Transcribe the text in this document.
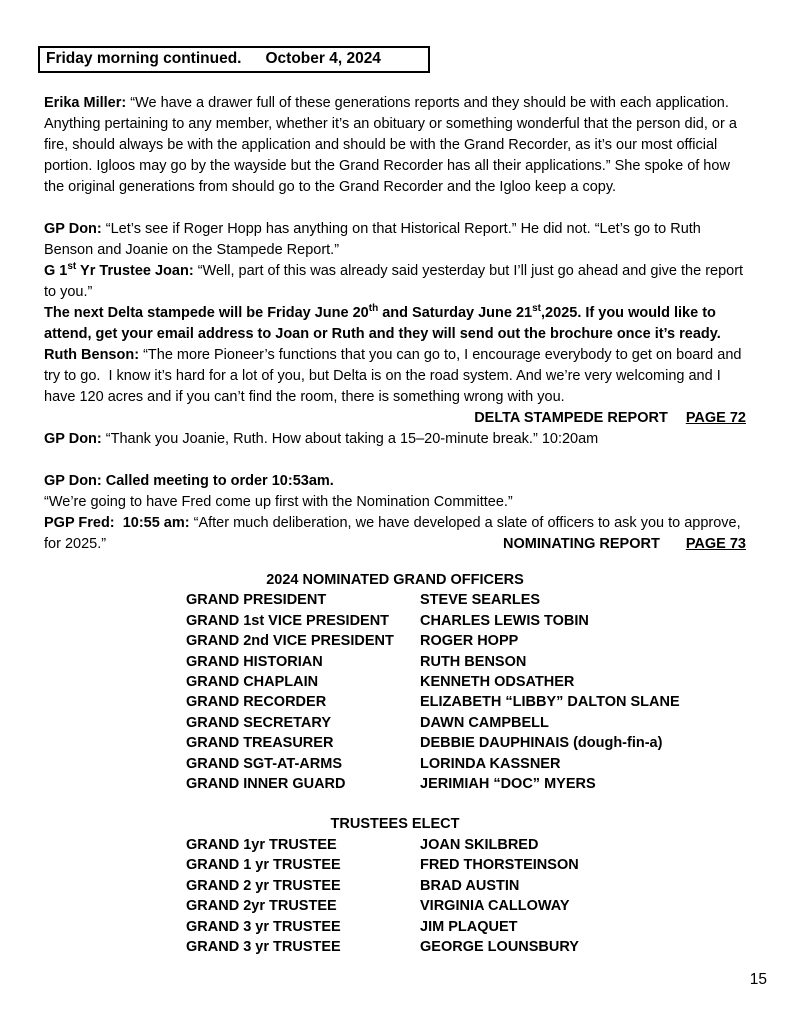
Friday morning continued. October 4, 2024
Erika Miller: “We have a drawer full of these generations reports and they should be with each application. Anything pertaining to any member, whether it’s an obituary or something wonderful that the person did, or a fire, should always be with the application and should be with the Grand Recorder, as it’s our most official portion. Igloos may go by the wayside but the Grand Recorder has all their applications.” She spoke of how the original generations from should go to the Grand Recorder and the Igloo keep a copy.
GP Don: “Let’s see if Roger Hopp has anything on that Historical Report.” He did not. “Let’s go to Ruth Benson and Joanie on the Stampede Report.”
G 1st Yr Trustee Joan: “Well, part of this was already said yesterday but I’ll just go ahead and give the report to you.”
The next Delta stampede will be Friday June 20th and Saturday June 21st,2025. If you would like to attend, get your email address to Joan or Ruth and they will send out the brochure once it’s ready.
Ruth Benson: “The more Pioneer’s functions that you can go to, I encourage everybody to get on board and try to go.  I know it’s hard for a lot of you, but Delta is on the road system. And we’re very welcoming and I have 120 acres and if you can’t find the room, there is something wrong with you.
DELTA STAMPEDE REPORT PAGE 72
GP Don: “Thank you Joanie, Ruth. How about taking a 15–20-minute break.” 10:20am
GP Don: Called meeting to order 10:53am.
“We’re going to have Fred come up first with the Nomination Committee.”
PGP Fred:  10:55 am: “After much deliberation, we have developed a slate of officers to ask you to approve, for 2025.”	NOMINATING REPORT PAGE 73
2024 NOMINATED GRAND OFFICERS
GRAND PRESIDENT	STEVE SEARLES
GRAND 1st VICE PRESIDENT	CHARLES LEWIS TOBIN
GRAND 2nd VICE PRESIDENT	ROGER HOPP
GRAND HISTORIAN	RUTH BENSON
GRAND CHAPLAIN	KENNETH ODSATHER
GRAND RECORDER	ELIZABETH “LIBBY” DALTON SLANE
GRAND SECRETARY	DAWN CAMPBELL
GRAND TREASURER	DEBBIE DAUPHINAIS (dough-fin-a)
GRAND SGT-AT-ARMS	LORINDA KASSNER
GRAND INNER GUARD	JERIMIAH “DOC” MYERS
TRUSTEES ELECT
GRAND 1yr TRUSTEE	JOAN SKILBRED
GRAND 1 yr TRUSTEE	FRED THORSTEINSON
GRAND 2 yr TRUSTEE	BRAD AUSTIN
GRAND 2yr TRUSTEE	VIRGINIA CALLOWAY
GRAND 3 yr TRUSTEE	JIM PLAQUET
GRAND 3 yr TRUSTEE	GEORGE LOUNSBURY
15
